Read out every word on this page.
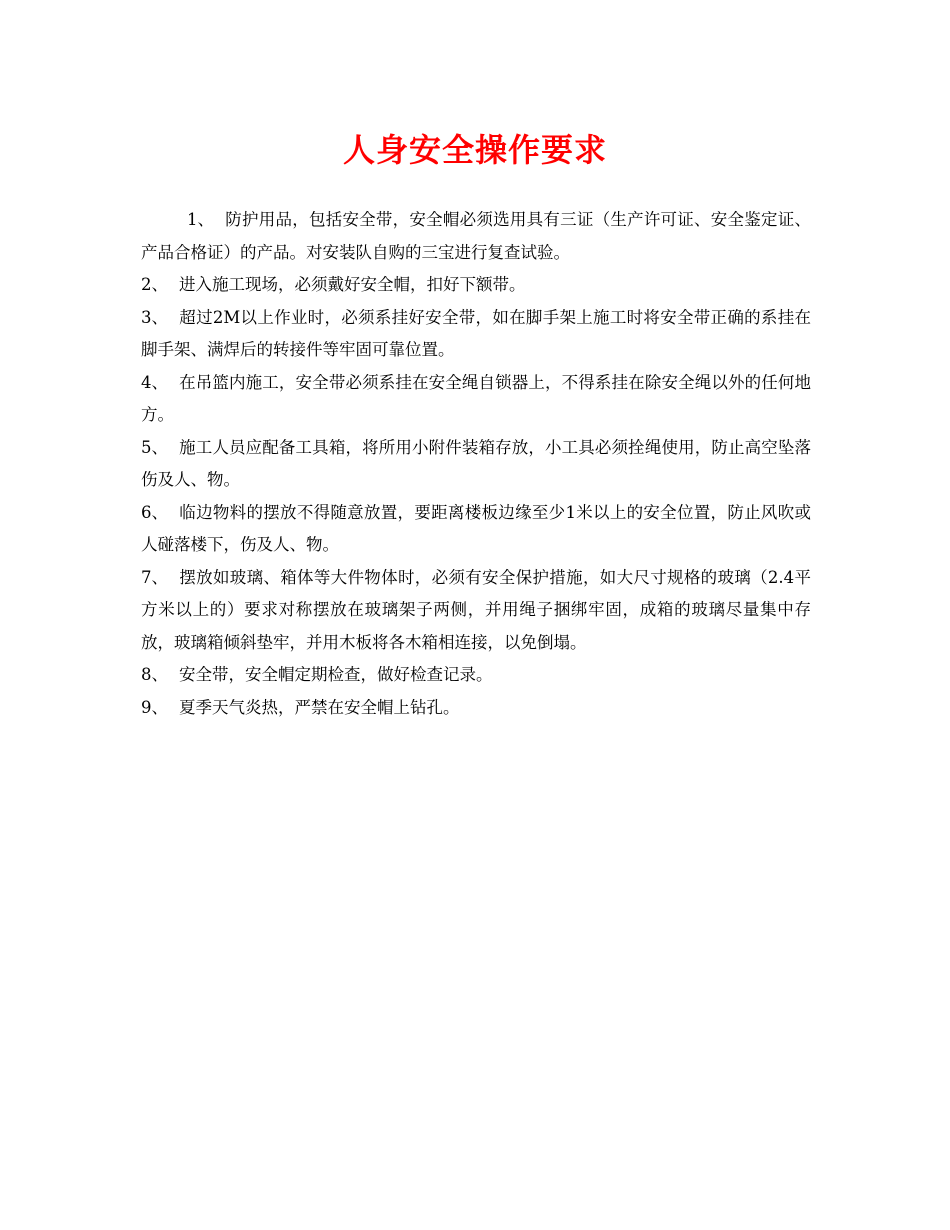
人身安全操作要求

1、 防护用品，包括安全带，安全帽必须选用具有三证（生产许可证、安全鉴定证、产品合格证）的产品。对安装队自购的三宝进行复查试验。

2、 进入施工现场，必须戴好安全帽，扣好下额带。

3、 超过2M以上作业时，必须系挂好安全带，如在脚手架上施工时将安全带正确的系挂在脚手架、满焊后的转接件等牢固可靠位置。

4、 在吊篮内施工，安全带必须系挂在安全绳自锁器上，不得系挂在除安全绳以外的任何地方。

5、 施工人员应配备工具箱，将所用小附件装箱存放，小工具必须拴绳使用，防止高空坠落伤及人、物。

6、 临边物料的摆放不得随意放置，要距离楼板边缘至少1米以上的安全位置，防止风吹或人碰落楼下，伤及人、物。

7、 摆放如玻璃、箱体等大件物体时，必须有安全保护措施，如大尺寸规格的玻璃（2.4平方米以上的）要求对称摆放在玻璃架子两侧，并用绳子捆绑牢固，成箱的玻璃尽量集中存放，玻璃箱倾斜垫牢，并用木板将各木箱相连接，以免倒塌。

8、 安全带，安全帽定期检查，做好检查记录。

9、 夏季天气炎热，严禁在安全帽上钻孔。
